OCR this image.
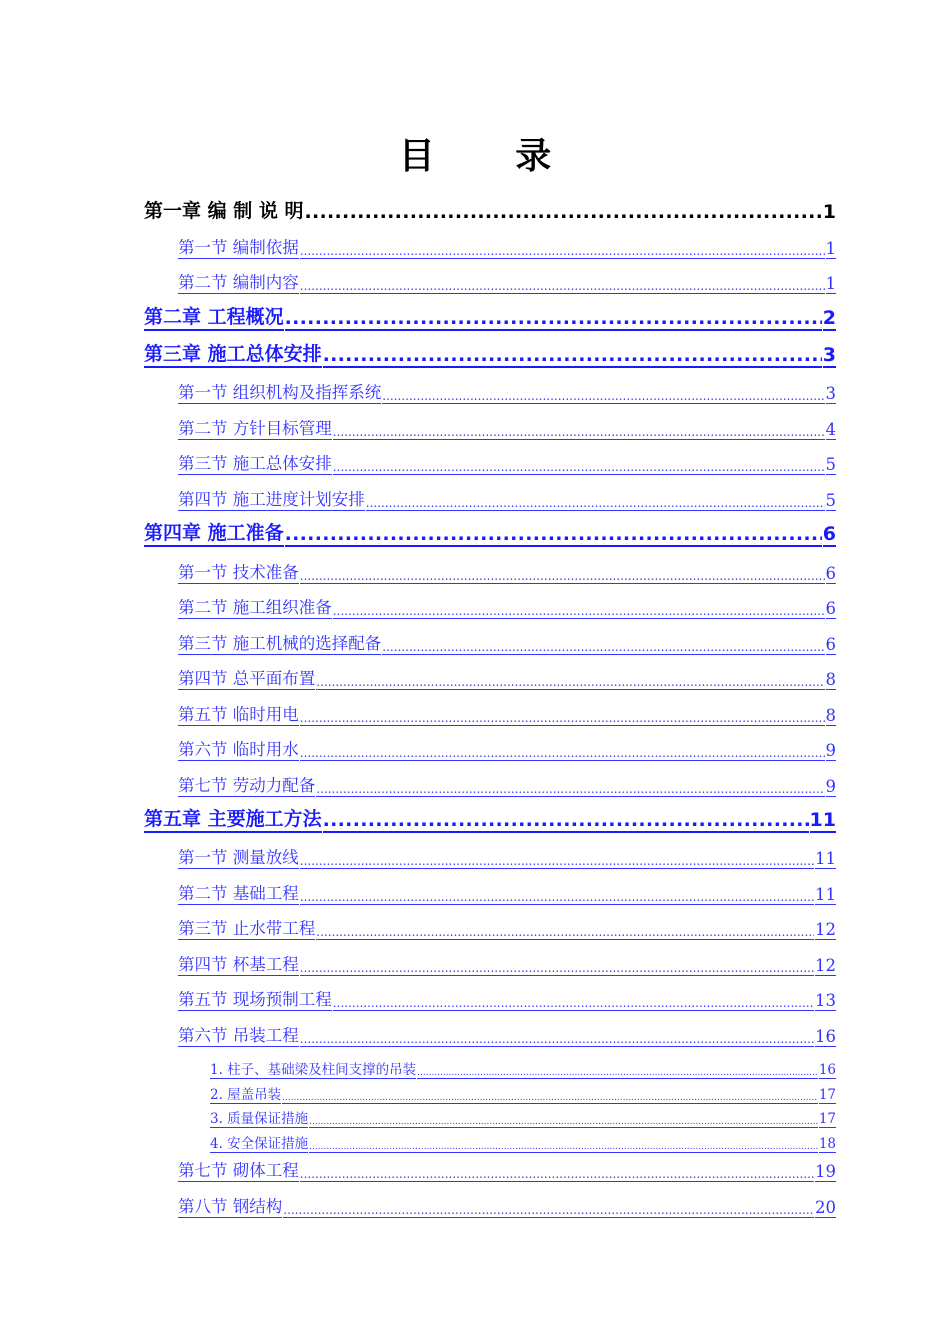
目 录
第一章 编 制 说 明 .....	1
第一节 编制依据 .....	1
第二节 编制内容 .....	1
第二章 工程概况 .....	2
第三章 施工总体安排 .....	3
第一节 组织机构及指挥系统 .....	3
第二节 方针目标管理 .....	4
第三节 施工总体安排 .....	5
第四节 施工进度计划安排 .....	5
第四章 施工准备 .....	6
第一节 技术准备 .....	6
第二节 施工组织准备 .....	6
第三节 施工机械的选择配备 .....	6
第四节 总平面布置 .....	8
第五节 临时用电 .....	8
第六节 临时用水 .....	9
第七节 劳动力配备 .....	9
第五章 主要施工方法 .....	11
第一节 测量放线 .....	11
第二节 基础工程 .....	11
第三节 止水带工程 .....	12
第四节 杯基工程 .....	12
第五节 现场预制工程 .....	13
第六节 吊装工程 .....	16
1. 柱子、基础梁及柱间支撑的吊装 .....	16
2. 屋盖吊装 .....	17
3. 质量保证措施 .....	17
4. 安全保证措施 .....	18
第七节 砌体工程 .....	19
第八节 钢结构 .....	20
